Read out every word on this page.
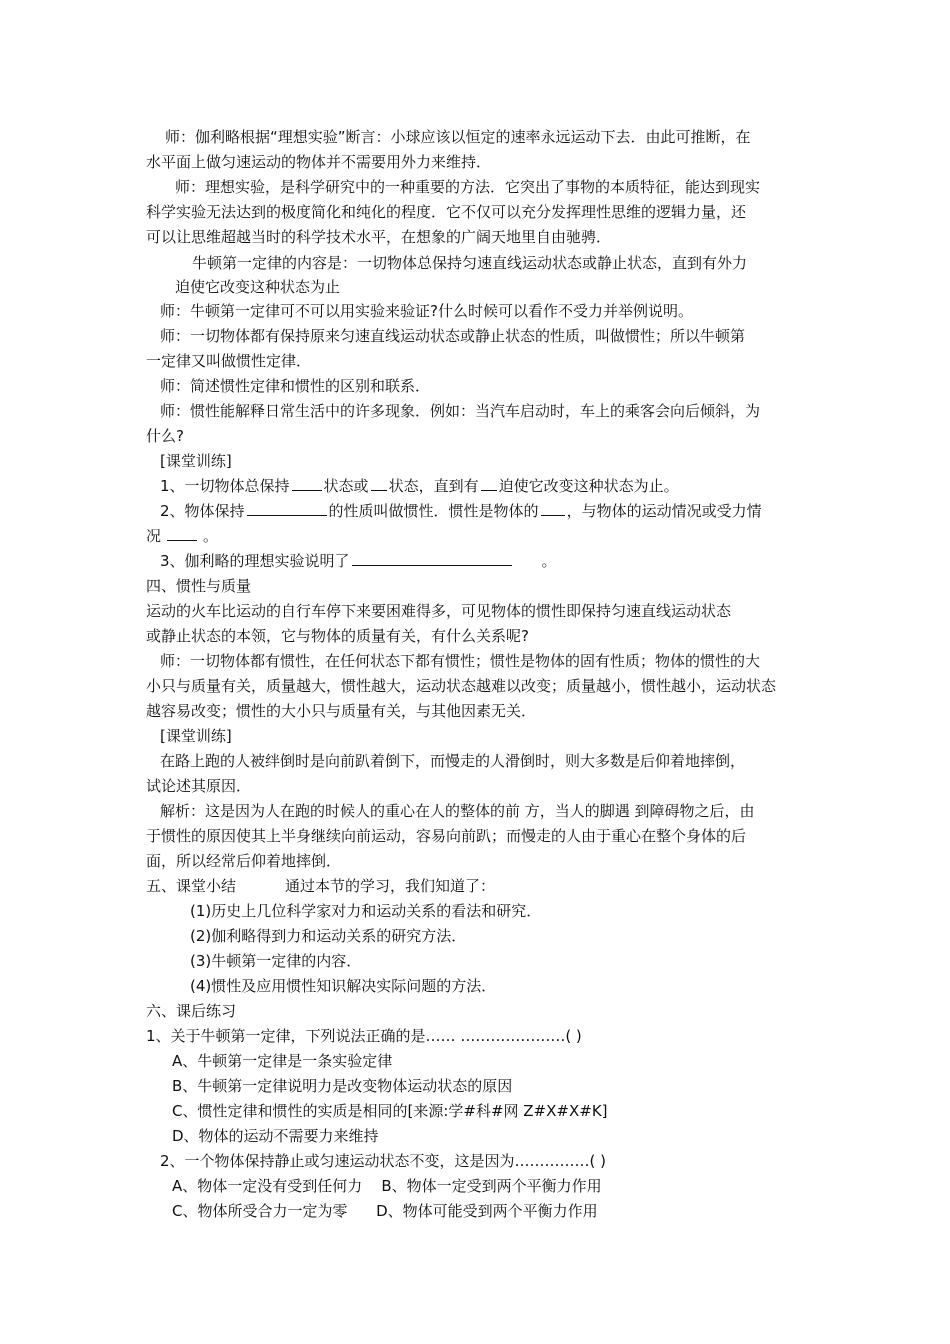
师：伽利略根据“理想实验”断言：小球应该以恒定的速率永远运动下去．由此可推断，在
水平面上做匀速运动的物体并不需要用外力来维持．
师：理想实验，是科学研究中的一种重要的方法．它突出了事物的本质特征，能达到现实
科学实验无法达到的极度简化和纯化的程度．它不仅可以充分发挥理性思维的逻辑力量，还
可以让思维超越当时的科学技术水平，在想象的广阔天地里自由驰骋．
牛顿第一定律的内容是：一切物体总保持匀速直线运动状态或静止状态，直到有外力
迫使它改变这种状态为止
师：牛顿第一定律可不可以用实验来验证?什么时候可以看作不受力并举例说明。
师：一切物体都有保持原来匀速直线运动状态或静止状态的性质，叫做惯性；所以牛顿第
一定律又叫做惯性定律．
师：简述惯性定律和惯性的区别和联系．
师：惯性能解释日常生活中的许多现象．例如：当汽车启动时，车上的乘客会向后倾斜，为
什么?
[课堂训练]
1、一切物体总保持 状态或 状态，直到有 迫使它改变这种状态为止。
2、物体保持	的性质叫做惯性．惯性是物体的 ，与物体的运动情况或受力情
况	。
3、伽利略的理想实验说明了	。
四、惯性与质量
运动的火车比运动的自行车停下来要困难得多，可见物体的惯性即保持匀速直线运动状态
或静止状态的本领，它与物体的质量有关，有什么关系呢?
师：一切物体都有惯性，在任何状态下都有惯性；惯性是物体的固有性质；物体的惯性的大
小只与质量有关，质量越大，惯性越大，运动状态越难以改变；质量越小，惯性越小，运动状态
越容易改变；惯性的大小只与质量有关，与其他因素无关．
[课堂训练]
在路上跑的人被绊倒时是向前趴着倒下，而慢走的人滑倒时，则大多数是后仰着地摔倒，
试论述其原因．
解析：这是因为人在跑的时候人的重心在人的整体的前 方，当人的脚遇 到障碍物之后，由
于惯性的原因使其上半身继续向前运动，容易向前趴；而慢走的人由于重心在整个身体的后
面，所以经常后仰着地摔倒．
五、课堂小结	通过本节的学习，我们知道了：
(1)历史上几位科学家对力和运动关系的看法和研究．
(2)伽利略得到力和运动关系的研究方法．
(3)牛顿第一定律的内容．
(4)惯性及应用惯性知识解决实际问题的方法．
六、课后练习
1、关于牛顿第一定律，下列说法正确的是…… …………………( )
A、牛顿第一定律是一条实验定律
B、牛顿第一定律说明力是改变物体运动状态的原因
C、惯性定律和惯性的实质是相同的[来源:学#科#网 Z#X#X#K]
D、物体的运动不需要力来维持
2、一个物体保持静止或匀速运动状态不变，这是因为……………( )
A、物体一定没有受到任何力    B、物体一定受到两个平衡力作用
C、物体所受合力一定为零      D、物体可能受到两个平衡力作用
